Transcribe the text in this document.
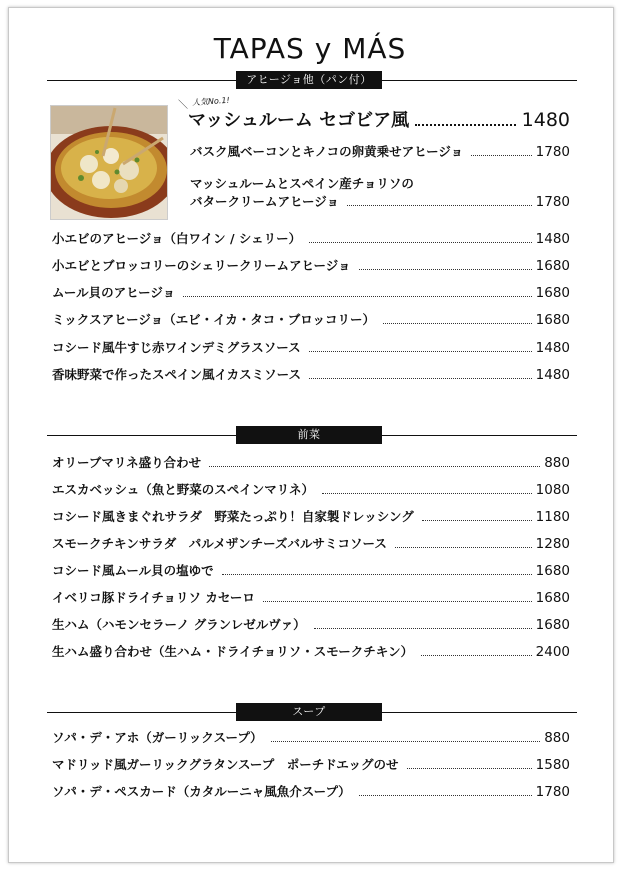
TAPAS y MÁS
アヒージョ他（パン付）
＼ 人気No.1!
マッシュルーム セゴビア風	1480
バスク風ベーコンとキノコの卵黄乗せアヒージョ	1780
マッシュルームとスペイン産チョリソの
バタークリームアヒージョ	1780
小エビのアヒージョ（白ワイン / シェリー）	1480
小エビとブロッコリーのシェリークリームアヒージョ	1680
ムール貝のアヒージョ	1680
ミックスアヒージョ（エビ・イカ・タコ・ブロッコリー）	1680
コシード風牛すじ赤ワインデミグラスソース	1480
香味野菜で作ったスペイン風イカスミソース	1480
前菜
オリーブマリネ盛り合わせ	880
エスカベッシュ（魚と野菜のスペインマリネ）	1080
コシード風きまぐれサラダ　野菜たっぷり！自家製ドレッシング	1180
スモークチキンサラダ　パルメザンチーズバルサミコソース	1280
コシード風ムール貝の塩ゆで	1680
イベリコ豚ドライチョリソ カセーロ	1680
生ハム（ハモンセラーノ グランレゼルヴァ）	1680
生ハム盛り合わせ（生ハム・ドライチョリソ・スモークチキン）	2400
スープ
ソパ・デ・アホ（ガーリックスープ）	880
マドリッド風ガーリックグラタンスープ　ポーチドエッグのせ	1580
ソパ・デ・ペスカード（カタルーニャ風魚介スープ）	1780
